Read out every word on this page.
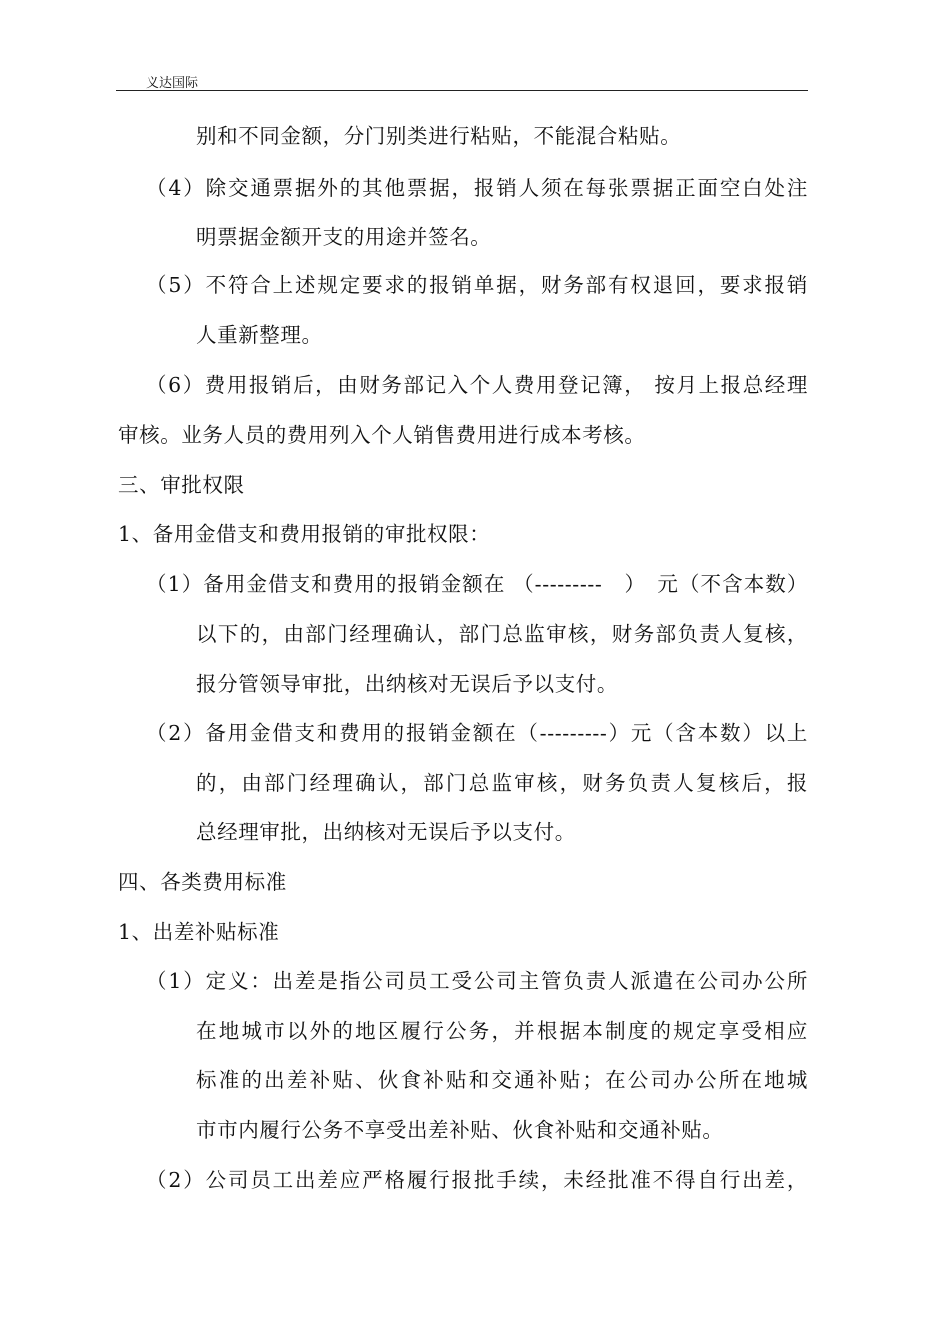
义达国际
别和不同金额，分门别类进行粘贴，不能混合粘贴。
（4）除交通票据外的其他票据，报销人须在每张票据正面空白处注
明票据金额开支的用途并签名。
（5）不符合上述规定要求的报销单据，财务部有权退回，要求报销
人重新整理。
（6）费用报销后，由财务部记入个人费用登记簿， 按月上报总经理
审核。业务人员的费用列入个人销售费用进行成本考核。
三、审批权限
1、备用金借支和费用报销的审批权限：
（1）备用金借支和费用的报销金额在 （---------　）　元（不含本数）
以下的，由部门经理确认，部门总监审核，财务部负责人复核，
报分管领导审批，出纳核对无误后予以支付。
（2）备用金借支和费用的报销金额在（---------）元（含本数）以上
的，由部门经理确认，部门总监审核，财务负责人复核后，报
总经理审批，出纳核对无误后予以支付。
四、各类费用标准
1、出差补贴标准
（1）定义：出差是指公司员工受公司主管负责人派遣在公司办公所
在地城市以外的地区履行公务，并根据本制度的规定享受相应
标准的出差补贴、伙食补贴和交通补贴；在公司办公所在地城
市市内履行公务不享受出差补贴、伙食补贴和交通补贴。
（2）公司员工出差应严格履行报批手续，未经批准不得自行出差，
